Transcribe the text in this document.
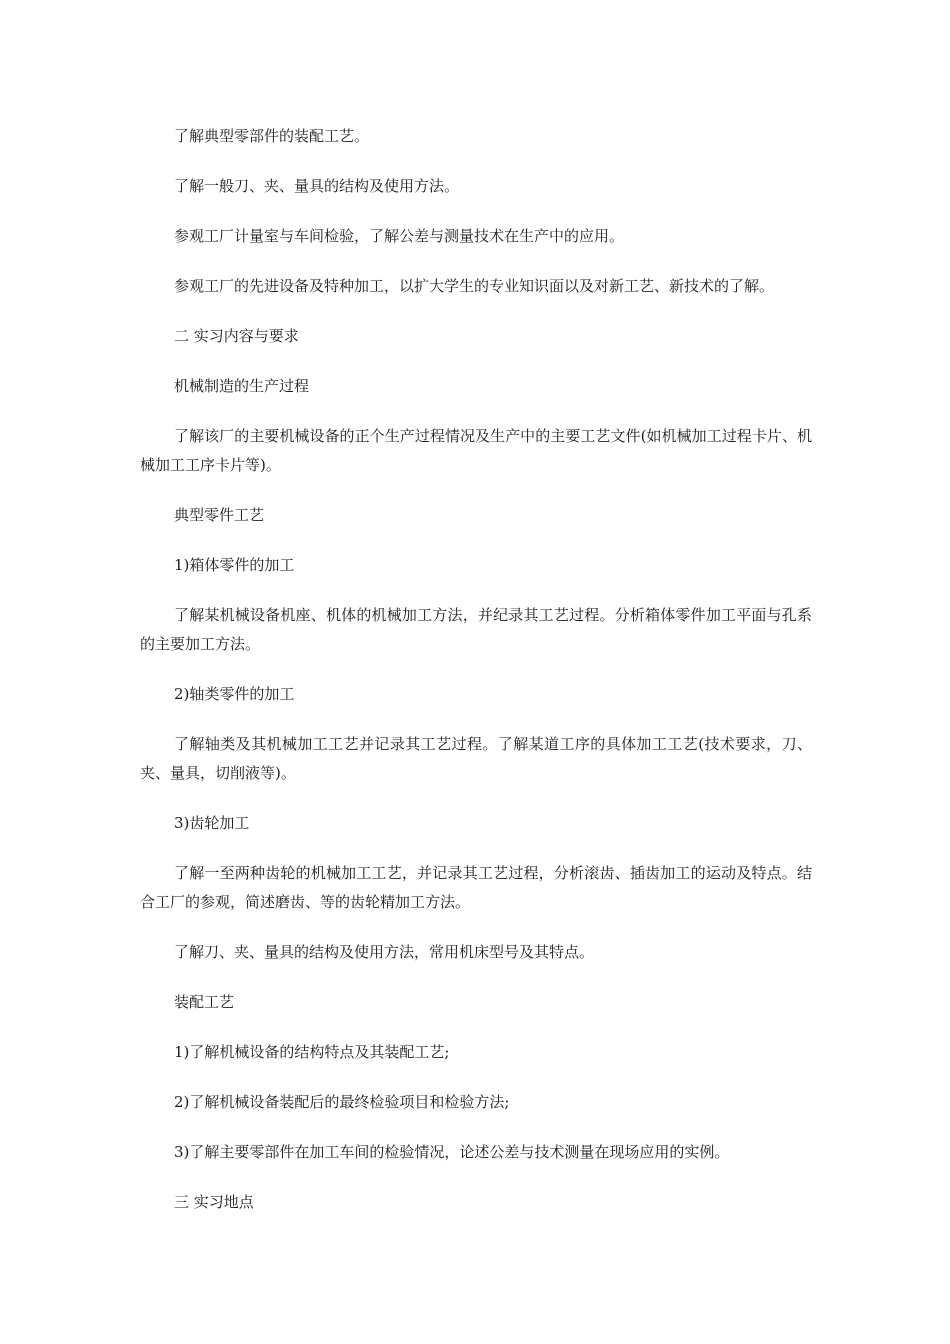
了解典型零部件的装配工艺。

了解一般刀、夹、量具的结构及使用方法。

参观工厂计量室与车间检验，了解公差与测量技术在生产中的应用。

参观工厂的先进设备及特种加工，以扩大学生的专业知识面以及对新工艺、新技术的了解。

二 实习内容与要求

机械制造的生产过程

了解该厂的主要机械设备的正个生产过程情况及生产中的主要工艺文件(如机械加工过程卡片、机械加工工序卡片等)。

典型零件工艺

1)箱体零件的加工

了解某机械设备机座、机体的机械加工方法，并纪录其工艺过程。分析箱体零件加工平面与孔系的主要加工方法。

2)轴类零件的加工

了解轴类及其机械加工工艺并记录其工艺过程。了解某道工序的具体加工工艺(技术要求，刀、夹、量具，切削液等)。

3)齿轮加工

了解一至两种齿轮的机械加工工艺，并记录其工艺过程，分析滚齿、插齿加工的运动及特点。结合工厂的参观，简述磨齿、等的齿轮精加工方法。

了解刀、夹、量具的结构及使用方法，常用机床型号及其特点。

装配工艺

1)了解机械设备的结构特点及其装配工艺;

2)了解机械设备装配后的最终检验项目和检验方法;

3)了解主要零部件在加工车间的检验情况，论述公差与技术测量在现场应用的实例。

三 实习地点
